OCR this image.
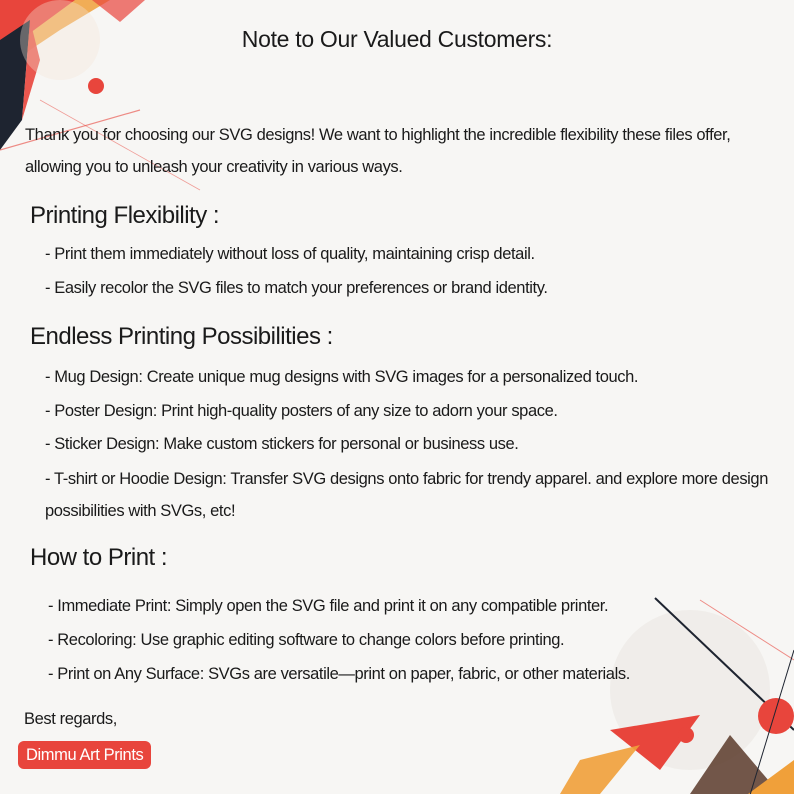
Note to Our Valued Customers:
Thank you for choosing our SVG designs! We want to highlight the incredible flexibility these files offer, allowing you to unleash your creativity in various ways.
Printing Flexibility :
- Print them immediately without loss of quality, maintaining crisp detail.
- Easily recolor the SVG files to match your preferences or brand identity.
Endless Printing Possibilities :
- Mug Design: Create unique mug designs with SVG images for a personalized touch.
- Poster Design: Print high-quality posters of any size to adorn your space.
- Sticker Design: Make custom stickers for personal or business use.
- T-shirt or Hoodie Design: Transfer SVG designs onto fabric for trendy apparel. and explore more design possibilities with SVGs, etc!
How to Print :
- Immediate Print: Simply open the SVG file and print it on any compatible printer.
- Recoloring: Use graphic editing software to change colors before printing.
- Print on Any Surface: SVGs are versatile—print on paper, fabric, or other materials.
Best regards,
Dimmu Art Prints
